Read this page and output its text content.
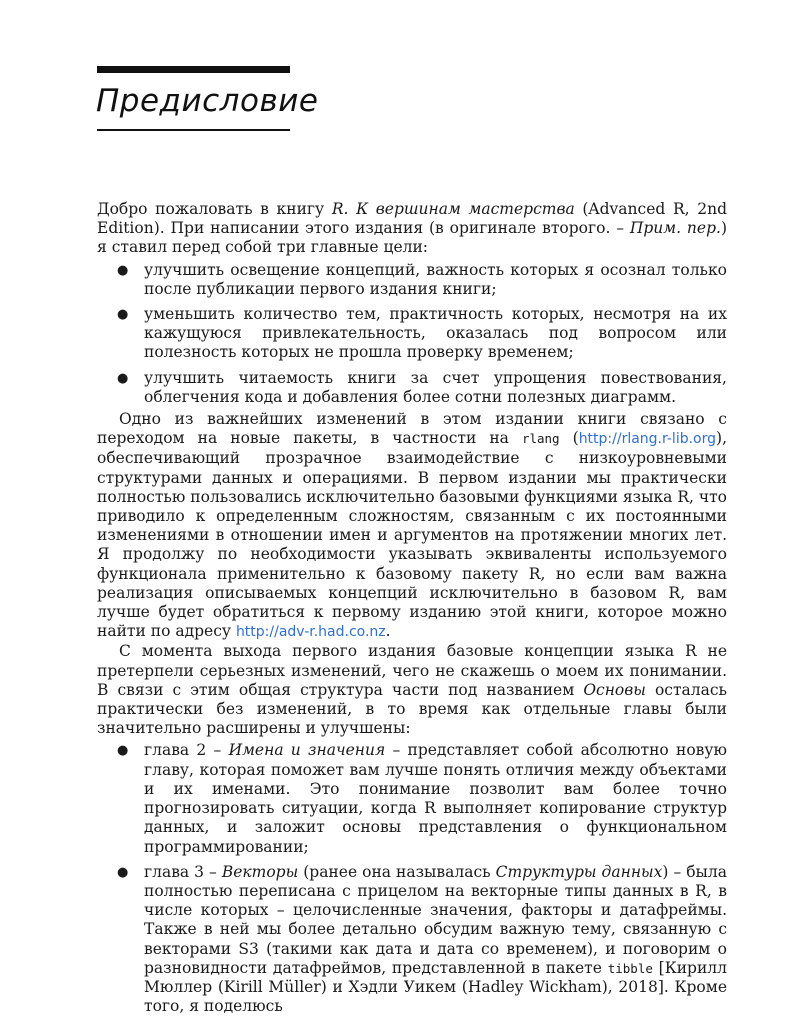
Предисловие

Добро пожаловать в книгу R. К вершинам мастерства (Advanced R, 2nd Edition). При написании этого издания (в оригинале второго. – Прим. пер.) я ставил перед собой три главные цели:

● улучшить освещение концепций, важность которых я осознал только после публикации первого издания книги;
● уменьшить количество тем, практичность которых, несмотря на их кажущуюся привлекательность, оказалась под вопросом или полезность которых не прошла проверку временем;
● улучшить читаемость книги за счет упрощения повествования, облегчения кода и добавления более сотни полезных диаграмм.

Одно из важнейших изменений в этом издании книги связано с переходом на новые пакеты, в частности на rlang (http://rlang.r-lib.org), обеспечивающий прозрачное взаимодействие с низкоуровневыми структурами данных и операциями. В первом издании мы практически полностью пользовались исключительно базовыми функциями языка R, что приводило к определенным сложностям, связанным с их постоянными изменениями в отношении имен и аргументов на протяжении многих лет. Я продолжу по необходимости указывать эквиваленты используемого функционала применительно к базовому пакету R, но если вам важна реализация описываемых концепций исключительно в базовом R, вам лучше будет обратиться к первому изданию этой книги, которое можно найти по адресу http://adv-r.had.co.nz.

С момента выхода первого издания базовые концепции языка R не претерпели серьезных изменений, чего не скажешь о моем их понимании. В связи с этим общая структура части под названием Основы осталась практически без изменений, в то время как отдельные главы были значительно расширены и улучшены:

● глава 2 – Имена и значения – представляет собой абсолютно новую главу, которая поможет вам лучше понять отличия между объектами и их именами. Это понимание позволит вам более точно прогнозировать ситуации, когда R выполняет копирование структур данных, и заложит основы представления о функциональном программировании;
● глава 3 – Векторы (ранее она называлась Структуры данных) – была полностью переписана с прицелом на векторные типы данных в R, в числе которых – целочисленные значения, факторы и датафреймы. Также в ней мы более детально обсудим важную тему, связанную с векторами S3 (такими как дата и дата со временем), и поговорим о разновидности датафреймов, представленной в пакете tibble [Кирилл Мюллер (Kirill Müller) и Хэдли Уикем (Hadley Wickham), 2018]. Кроме того, я поделюсь
